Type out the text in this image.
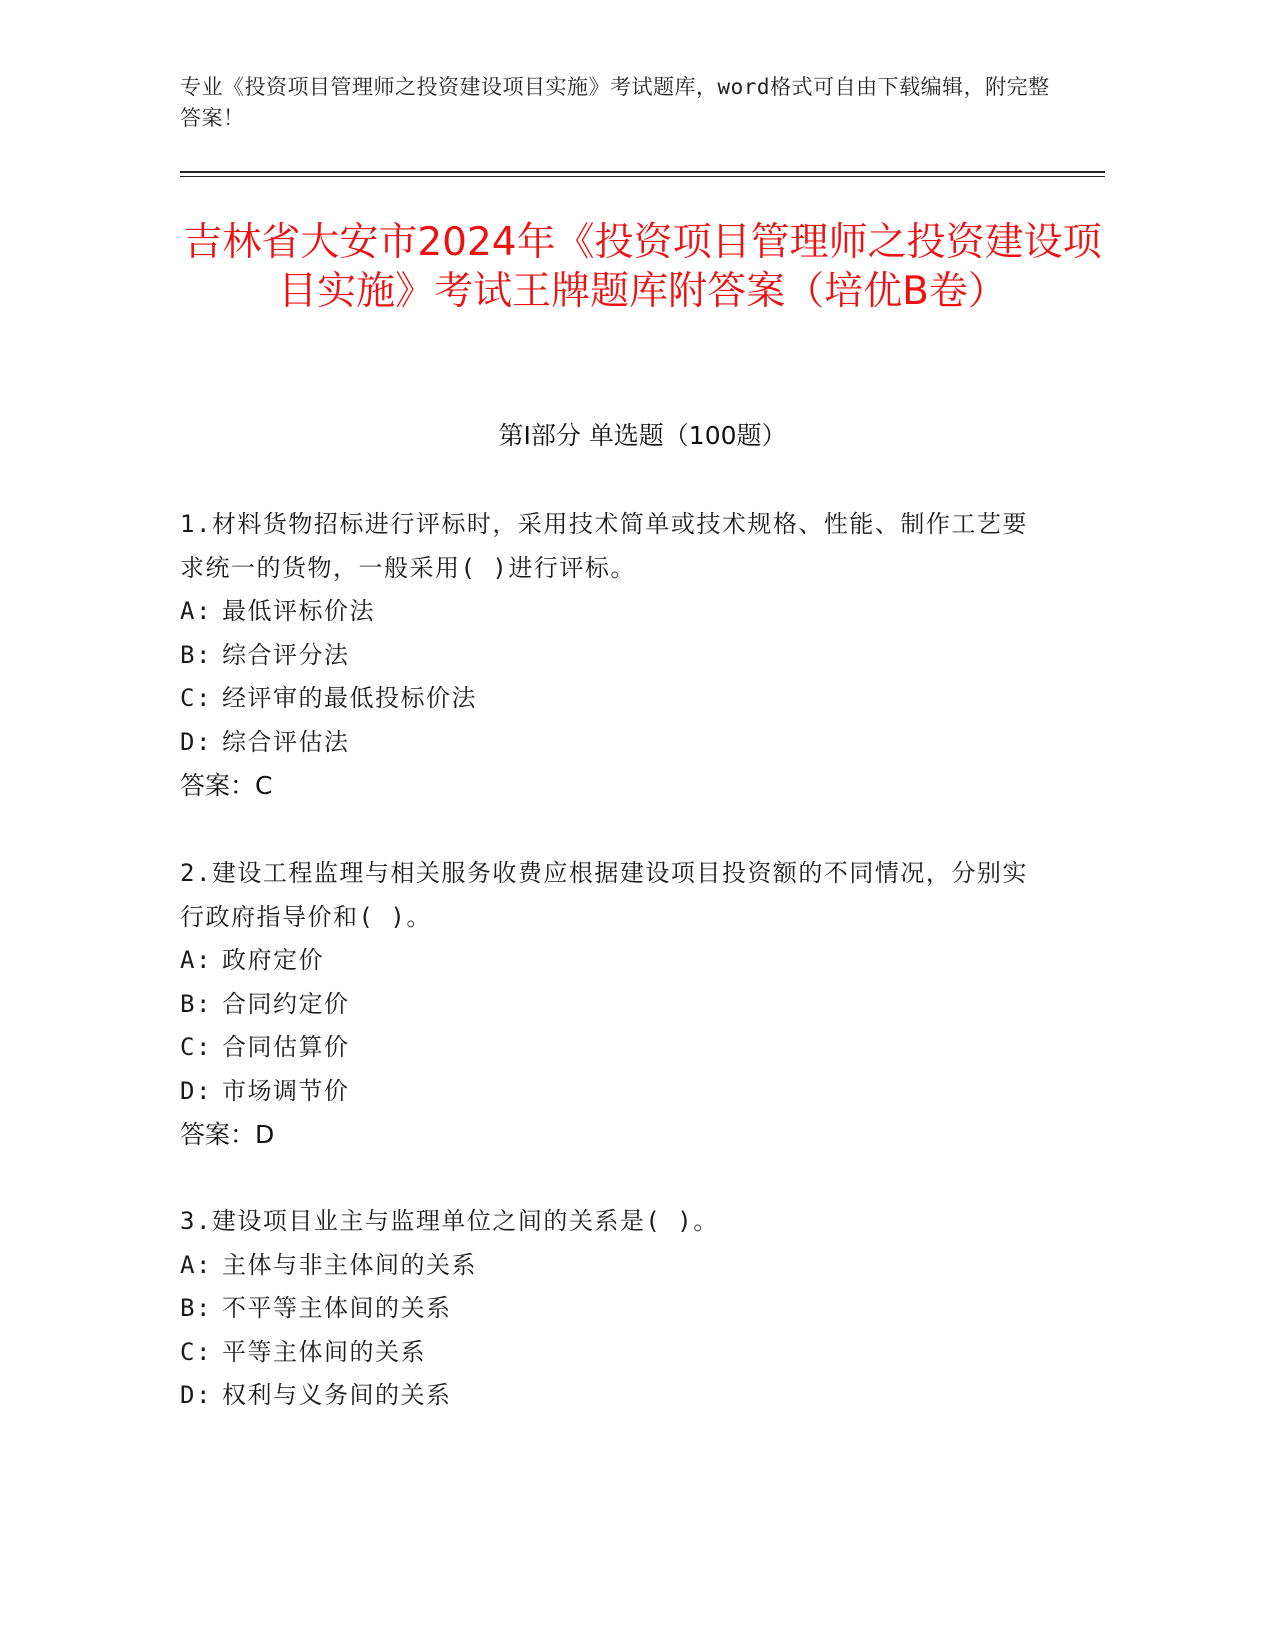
专业《投资项目管理师之投资建设项目实施》考试题库，word格式可自由下载编辑，附完整答案！
吉林省大安市2024年《投资项目管理师之投资建设项目实施》考试王牌题库附答案（培优B卷）
第I部分 单选题（100题）
1.材料货物招标进行评标时，采用技术简单或技术规格、性能、制作工艺要求统一的货物，一般采用( )进行评标。
A: 最低评标价法
B: 综合评分法
C: 经评审的最低投标价法
D: 综合评估法
答案：C
2.建设工程监理与相关服务收费应根据建设项目投资额的不同情况，分别实行政府指导价和( )。
A: 政府定价
B: 合同约定价
C: 合同估算价
D: 市场调节价
答案：D
3.建设项目业主与监理单位之间的关系是( )。
A: 主体与非主体间的关系
B: 不平等主体间的关系
C: 平等主体间的关系
D: 权利与义务间的关系
